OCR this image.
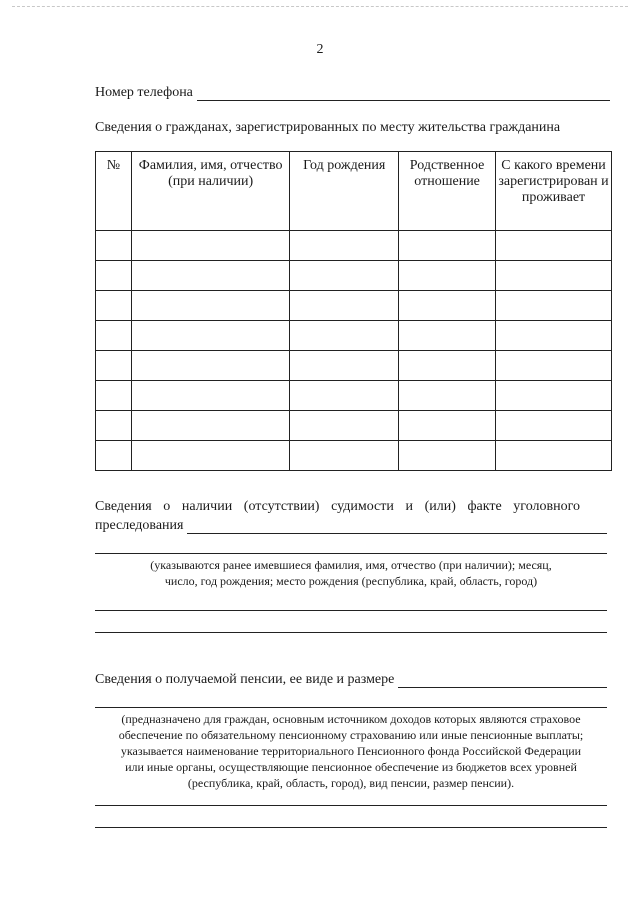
2
Номер телефона
Сведения о гражданах, зарегистрированных по месту жительства гражданина
№	Фамилия, имя, отчество (при наличии)	Год рождения	Родственное отношение	С какого времени зарегистрирован и проживает

Сведения о наличии (отсутствии) судимости и (или) факте уголовного
преследования
(указываются ранее имевшиеся фамилия, имя, отчество (при наличии); месяц,
число, год рождения; место рождения (республика, край, область, город)
Сведения о получаемой пенсии, ее виде и размере
(предназначено для граждан, основным источником доходов которых являются страховое
обеспечение по обязательному пенсионному страхованию или иные пенсионные выплаты;
указывается наименование территориального Пенсионного фонда Российской Федерации
или иные органы, осуществляющие пенсионное обеспечение из бюджетов всех уровней
(республика, край, область, город), вид пенсии, размер пенсии).
